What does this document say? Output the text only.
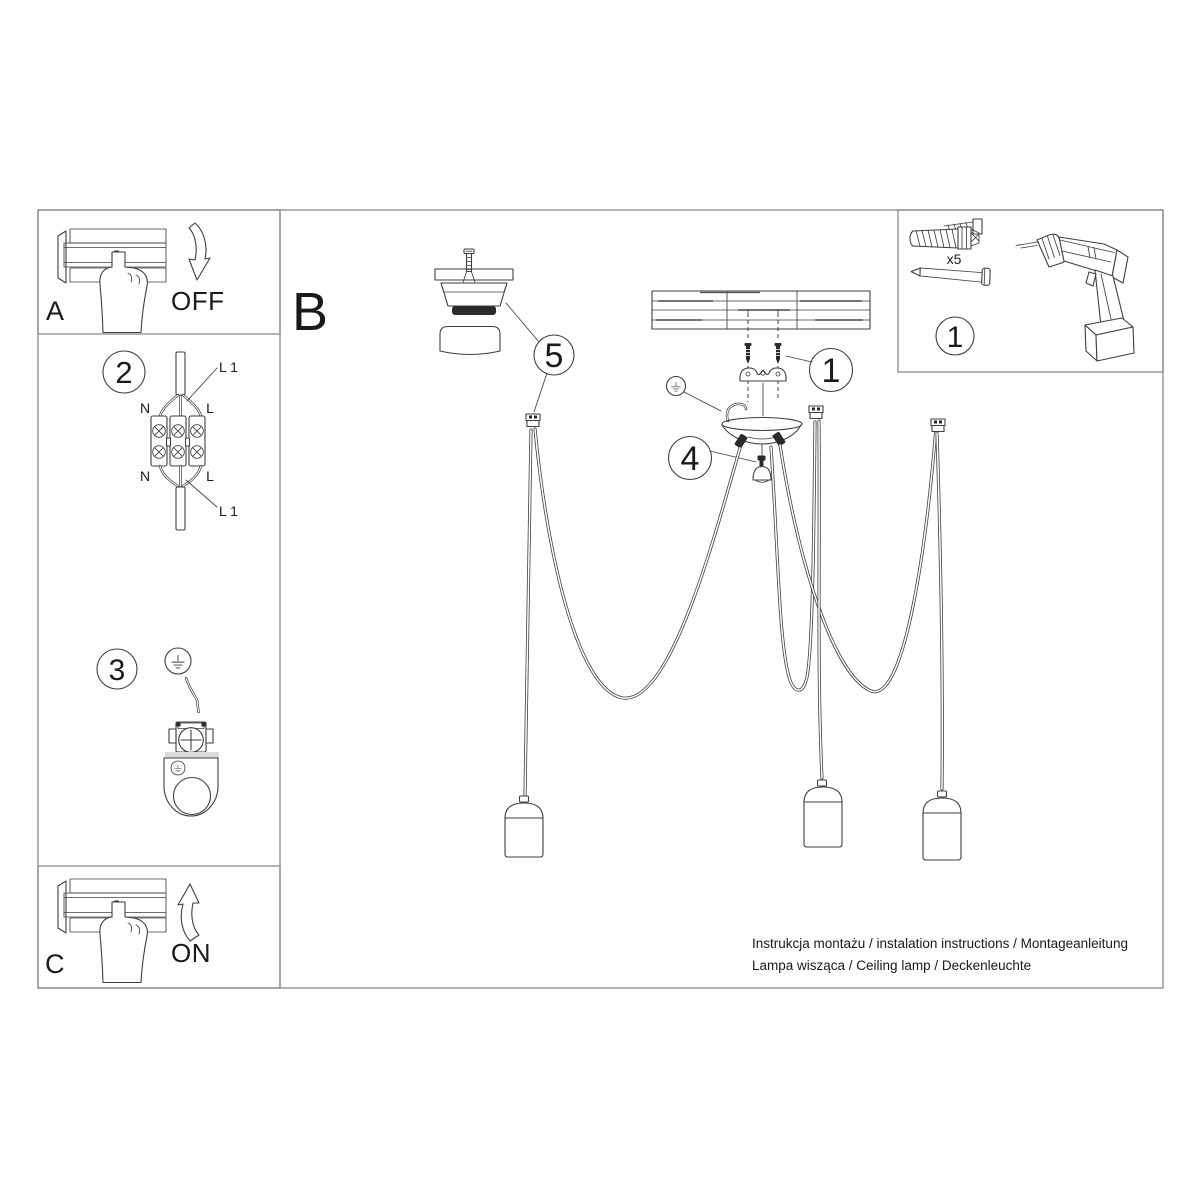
OFF
A
ON
C
B
2	L 1
N	L
N	L
L 1
3
x5
1
5	1
4
Instrukcja montażu / instalation instructions / Montageanleitung
Lampa wisząca / Ceiling lamp / Deckenleuchte
